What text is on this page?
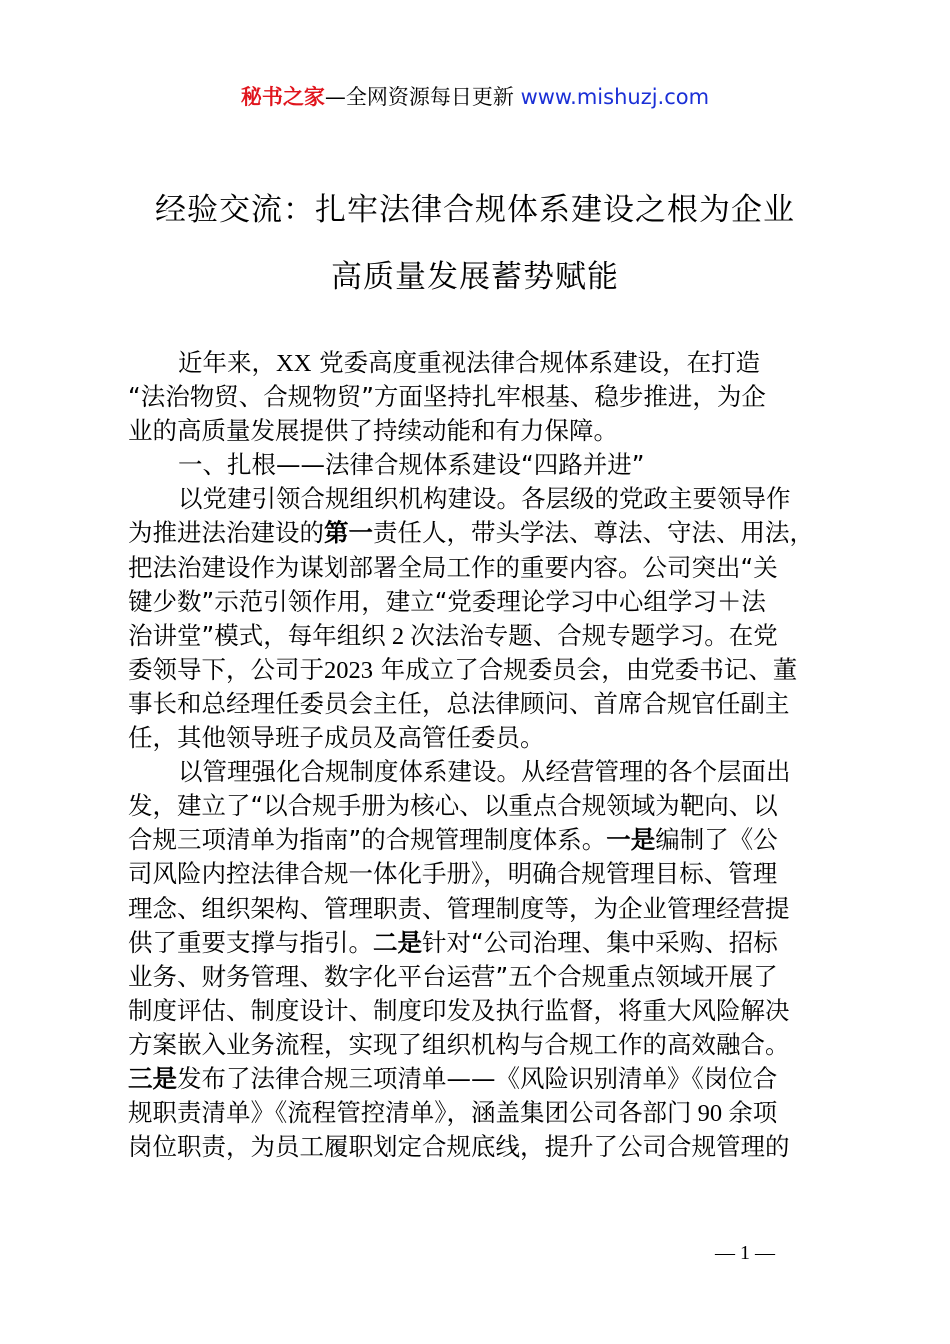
秘书之家—全网资源每日更新 www.mishuzj.com
经验交流：扎牢法律合规体系建设之根为企业
高质量发展蓄势赋能
近年来，XX 党委高度重视法律合规体系建设，在打造
“法治物贸、合规物贸”方面坚持扎牢根基、稳步推进，为企
业的高质量发展提供了持续动能和有力保障。
一、扎根——法律合规体系建设“四路并进”
以党建引领合规组织机构建设。各层级的党政主要领导作
为推进法治建设的第一责任人，带头学法、尊法、守法、用法，
把法治建设作为谋划部署全局工作的重要内容。公司突出“关
键少数”示范引领作用，建立“党委理论学习中心组学习＋法
治讲堂”模式，每年组织 2 次法治专题、合规专题学习。在党
委领导下，公司于2023 年成立了合规委员会，由党委书记、董
事长和总经理任委员会主任，总法律顾问、首席合规官任副主
任，其他领导班子成员及高管任委员。
以管理强化合规制度体系建设。从经营管理的各个层面出
发，建立了“以合规手册为核心、以重点合规领域为靶向、以
合规三项清单为指南”的合规管理制度体系。一是编制了《公
司风险内控法律合规一体化手册》，明确合规管理目标、管理
理念、组织架构、管理职责、管理制度等，为企业管理经营提
供了重要支撑与指引。二是针对“公司治理、集中采购、招标
业务、财务管理、数字化平台运营”五个合规重点领域开展了
制度评估、制度设计、制度印发及执行监督，将重大风险解决
方案嵌入业务流程，实现了组织机构与合规工作的高效融合。
三是发布了法律合规三项清单——《风险识别清单》《岗位合
规职责清单》《流程管控清单》，涵盖集团公司各部门 90 余项
岗位职责，为员工履职划定合规底线，提升了公司合规管理的
— 1 —
